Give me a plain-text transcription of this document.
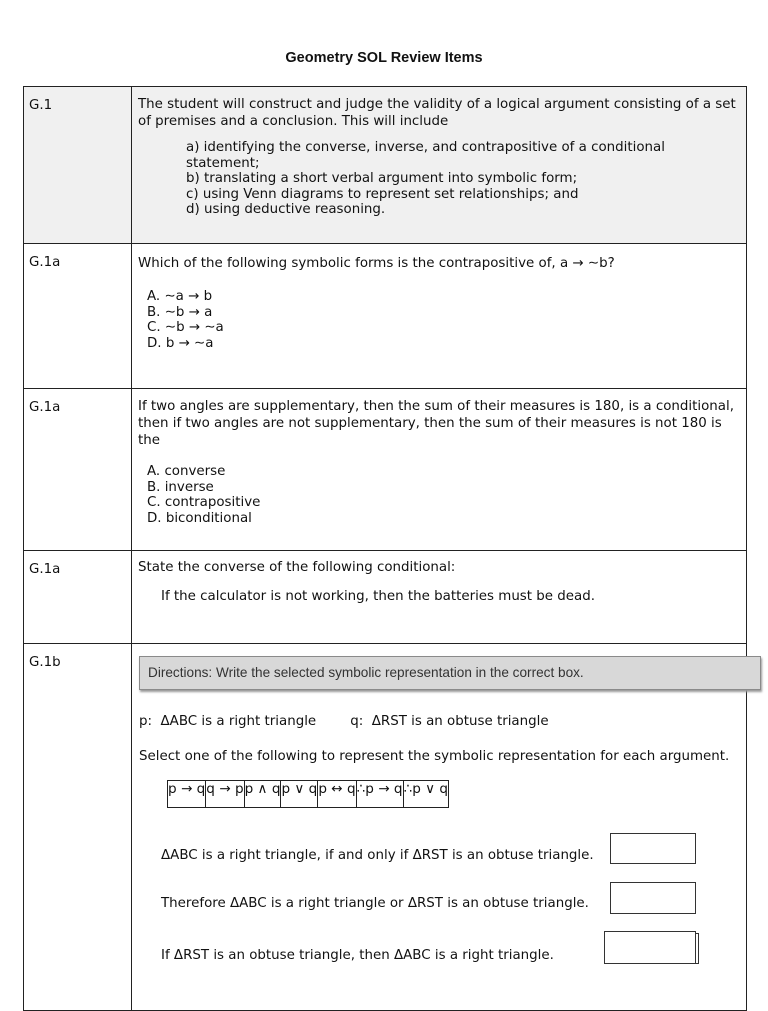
Geometry SOL Review Items
G.1	The student will construct and judge the validity of a logical argument consisting of a set of premises and a conclusion. This will include
a) identifying the converse, inverse, and contrapositive of a conditional statement;
b) translating a short verbal argument into symbolic form;
c) using Venn diagrams to represent set relationships; and
d) using deductive reasoning.

G.1a	Which of the following symbolic forms is the contrapositive of, a → ∼b?
A. ∼a → b
B. ∼b → a
C. ∼b → ∼a
D. b → ∼a

G.1a	If two angles are supplementary, then the sum of their measures is 180, is a conditional, then if two angles are not supplementary, then the sum of their measures is not 180 is the
A. converse
B. inverse
C. contrapositive
D. biconditional

G.1a	State the converse of the following conditional:
If the calculator is not working, then the batteries must be dead.

G.1b	
Directions: Write the selected symbolic representation in the correct box.
p:  ΔABC is a right triangle        q:  ΔRST is an obtuse triangle
Select one of the following to represent the symbolic representation for each argument.
p → q	q → p	p ∧ q	p ∨ q	p ↔ q	∴p → q	∴p ∨ q
ΔABC is a right triangle, if and only if ΔRST is an obtuse triangle.
Therefore ΔABC is a right triangle or ΔRST is an obtuse triangle.
If ΔRST is an obtuse triangle, then ΔABC is a right triangle.
